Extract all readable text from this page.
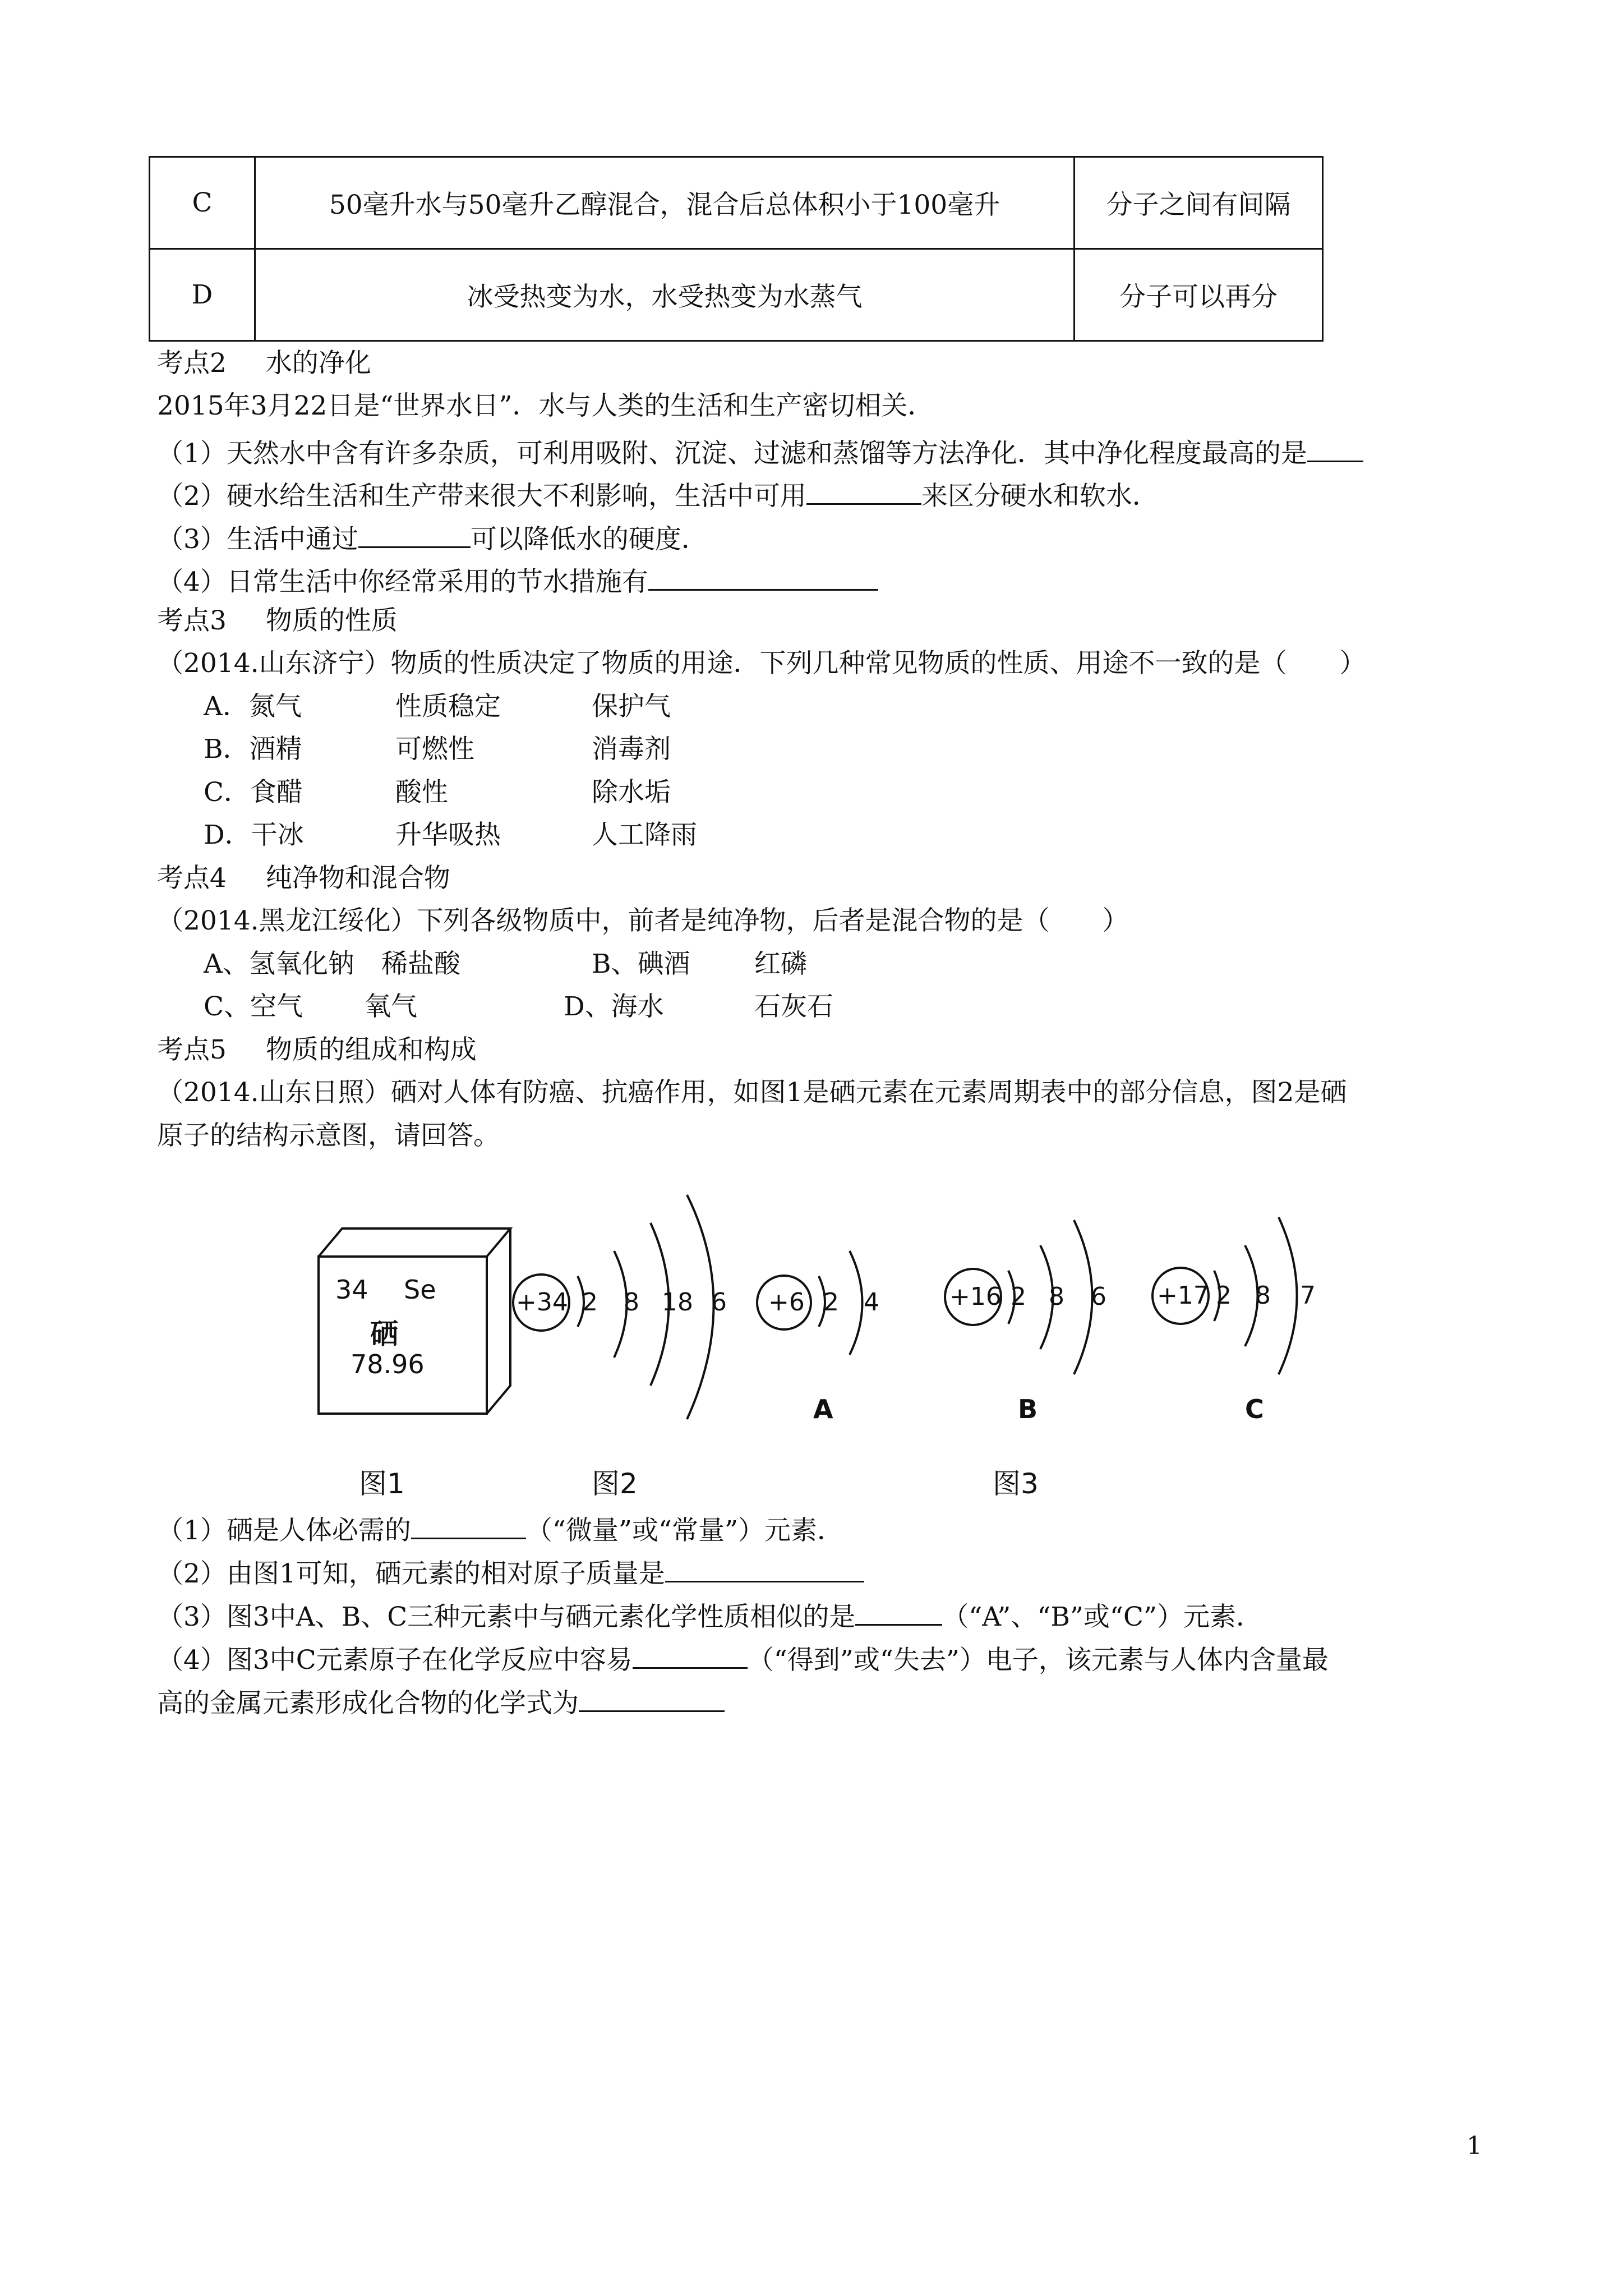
C	50毫升水与50毫升乙醇混合，混合后总体积小于100毫升	分子之间有间隔
D	冰受热变为水，水受热变为水蒸气	分子可以再分
考点2 水的净化
2015年3月22日是“世界水日”．水与人类的生活和生产密切相关．
（1）天然水中含有许多杂质，可利用吸附、沉淀、过滤和蒸馏等方法净化．其中净化程度最高的是
（2）硬水给生活和生产带来很大不利影响，生活中可用	来区分硬水和软水．
（3）生活中通过	可以降低水的硬度．
（4）日常生活中你经常采用的节水措施有
考点3 物质的性质
（2014.山东济宁）物质的性质决定了物质的用途．下列几种常见物质的性质、用途不一致的是（　　）
A．氮气	性质稳定	保护气
B．酒精	可燃性	消毒剂
C．食醋	酸性	除水垢
D．干冰	升华吸热	人工降雨
考点4 纯净物和混合物
（2014.黑龙江绥化）下列各级物质中，前者是纯净物，后者是混合物的是（　　）
A、氢氧化钠 稀盐酸	B、碘酒 红磷
C、空气 氧气	D、海水	石灰石
考点5 物质的组成和构成
（2014.山东日照）硒对人体有防癌、抗癌作用，如图1是硒元素在元素周期表中的部分信息，图2是硒
原子的结构示意图，请回答。
34 Se
硒
78.96
+34 2 8 18 6 +6 2 4
A
+16 2 8 6
B
+17 2 8 7
C
图1	图2	图3
（1）硒是人体必需的	（“微量”或“常量”）元素．
（2）由图1可知，硒元素的相对原子质量是
（3）图3中A、B、C三种元素中与硒元素化学性质相似的是	（“A”、“B”或“C”）元素．
（4）图3中C元素原子在化学反应中容易	（“得到”或“失去”）电子，该元素与人体内含量最
高的金属元素形成化合物的化学式为
1
